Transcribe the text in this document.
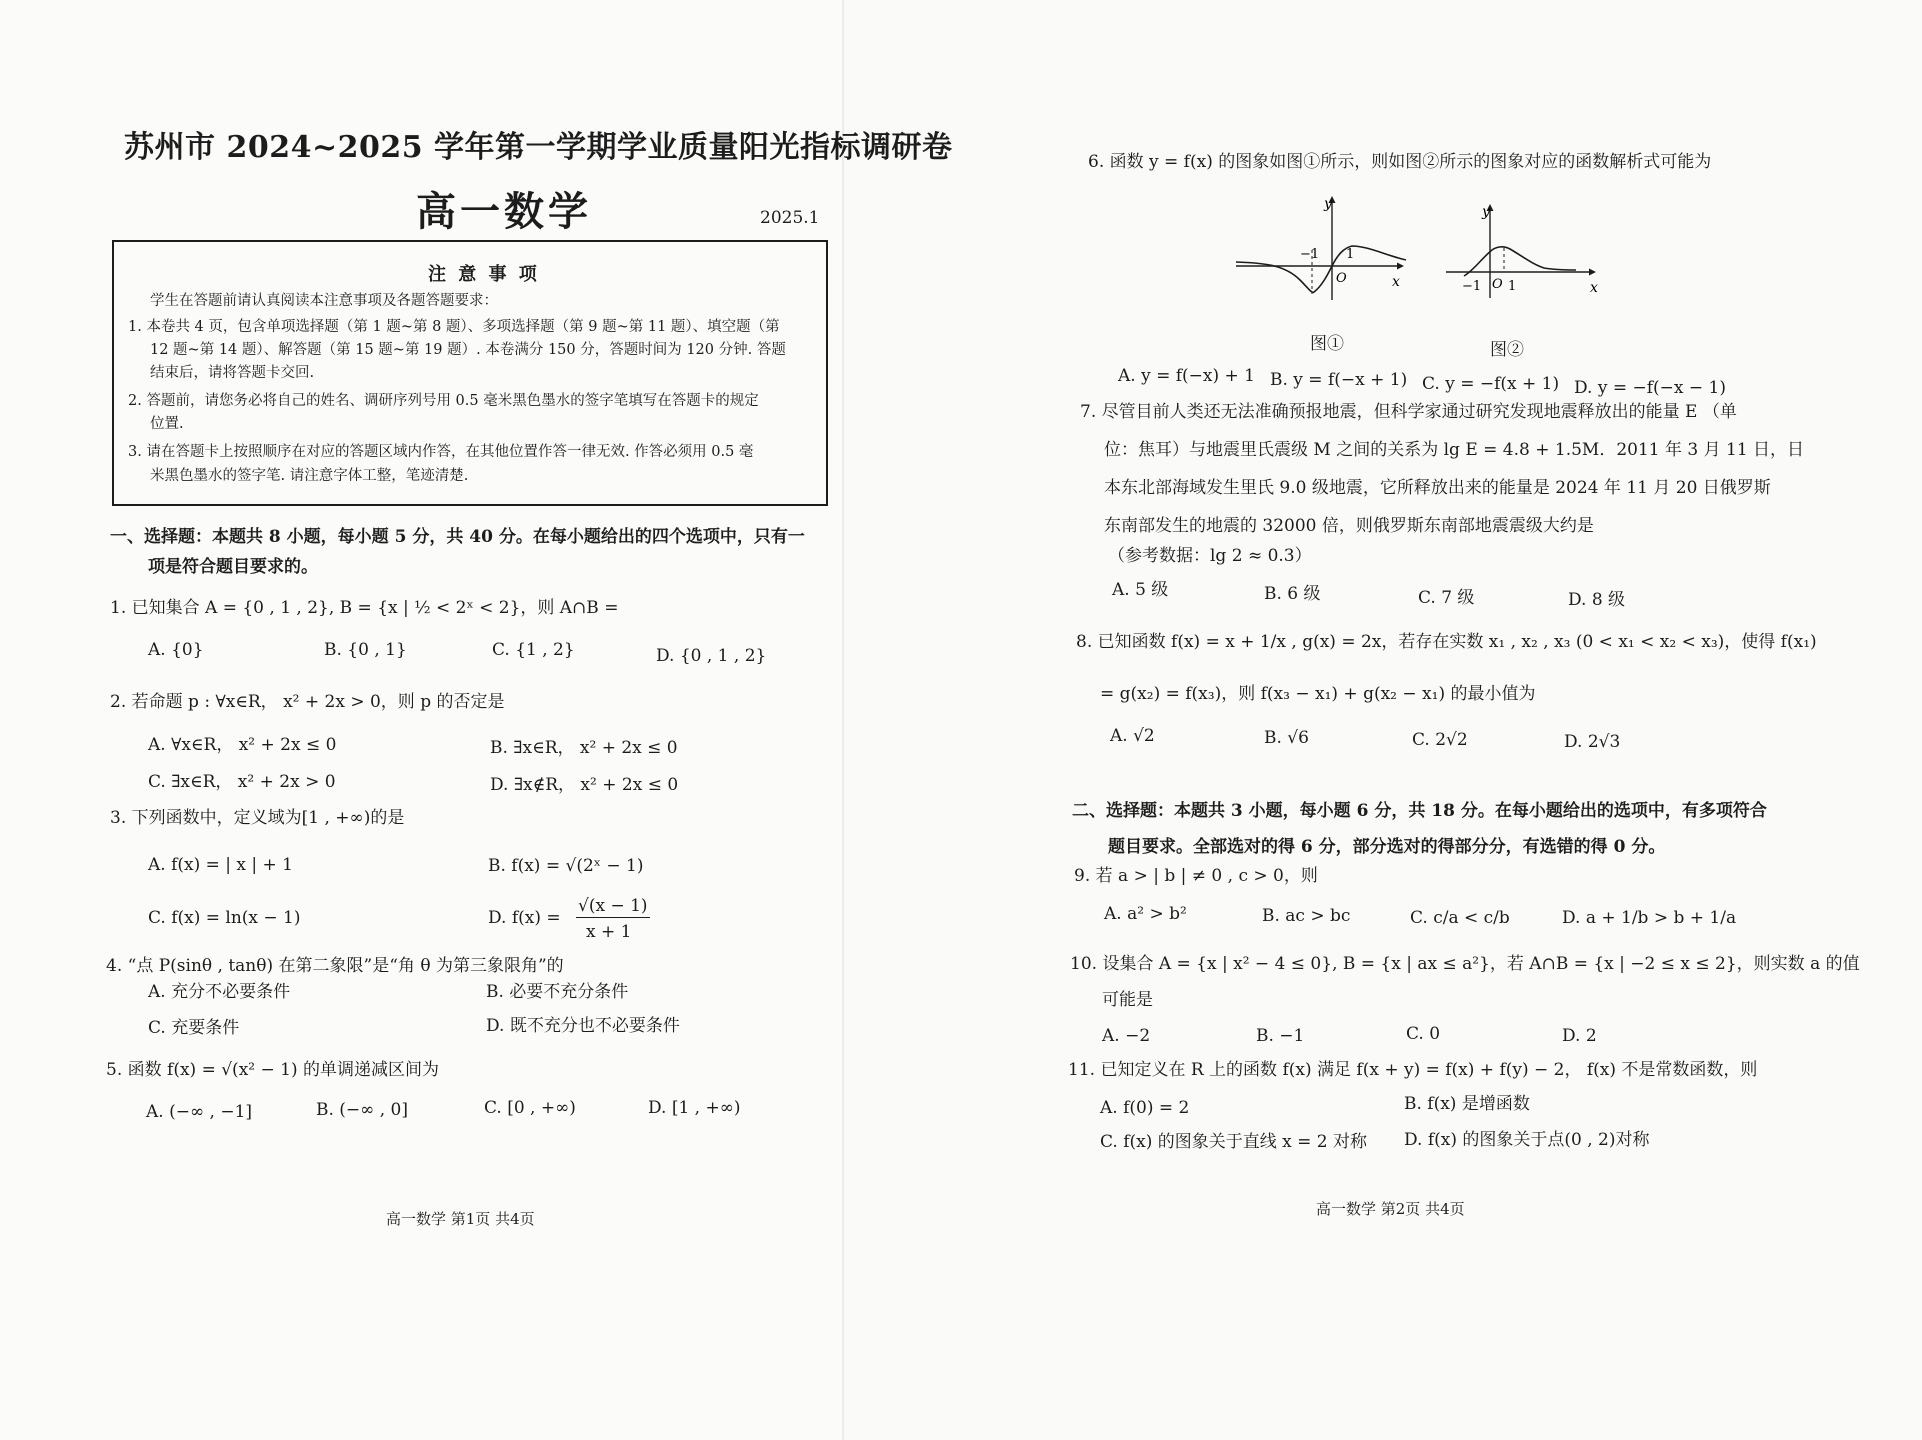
苏州市 2024~2025 学年第一学期学业质量阳光指标调研卷
高一数学	2025.1
注 意 事 项
学生在答题前请认真阅读本注意事项及各题答题要求：
1. 本卷共 4 页，包含单项选择题（第 1 题~第 8 题）、多项选择题（第 9 题~第 11 题）、填空题（第
12 题~第 14 题）、解答题（第 15 题~第 19 题）. 本卷满分 150 分，答题时间为 120 分钟. 答题
结束后，请将答题卡交回.
2. 答题前，请您务必将自己的姓名、调研序列号用 0.5 毫米黑色墨水的签字笔填写在答题卡的规定
位置.
3. 请在答题卡上按照顺序在对应的答题区域内作答，在其他位置作答一律无效. 作答必须用 0.5 毫
米黑色墨水的签字笔. 请注意字体工整，笔迹清楚.
一、选择题：本题共 8 小题，每小题 5 分，共 40 分。在每小题给出的四个选项中，只有一
项是符合题目要求的。
1. 已知集合 A = {0 , 1 , 2}, B = {x | ½ < 2ˣ < 2}，则 A∩B =
A. {0}	B. {0 , 1}	C. {1 , 2}	D. {0 , 1 , 2}
2. 若命题 p : ∀x∈R， x² + 2x > 0，则 p 的否定是
A. ∀x∈R， x² + 2x ≤ 0	B. ∃x∈R， x² + 2x ≤ 0
C. ∃x∈R， x² + 2x > 0	D. ∃x∉R， x² + 2x ≤ 0
3. 下列函数中，定义域为[1 , +∞)的是
A. f(x) = | x | + 1	B. f(x) = √(2ˣ − 1)
C. f(x) = ln(x − 1)	D. f(x) =
√(x − 1)
x + 1
4. “点 P(sinθ , tanθ) 在第二象限”是“角 θ 为第三象限角”的
A. 充分不必要条件	B. 必要不充分条件
C. 充要条件	D. 既不充分也不必要条件
5. 函数 f(x) = √(x² − 1) 的单调递减区间为
A. (−∞ , −1]	B. (−∞ , 0]	C. [0 , +∞)	D. [1 , +∞)
高一数学 第1页 共4页
6. 函数 y = f(x) 的图象如图①所示，则如图②所示的图象对应的函数解析式可能为
y
x
O
−1 1
y
x
O
−1 1
图①	图②
A. y = f(−x) + 1 B. y = f(−x + 1) C. y = −f(x + 1) D. y = −f(−x − 1)
7. 尽管目前人类还无法准确预报地震，但科学家通过研究发现地震释放出的能量 E （单
位：焦耳）与地震里氏震级 M 之间的关系为 lg E = 4.8 + 1.5M．2011 年 3 月 11 日，日
本东北部海域发生里氏 9.0 级地震，它所释放出来的能量是 2024 年 11 月 20 日俄罗斯
东南部发生的地震的 32000 倍，则俄罗斯东南部地震震级大约是
（参考数据：lg 2 ≈ 0.3）
A. 5 级	B. 6 级	C. 7 级	D. 8 级
8. 已知函数 f(x) = x + 1/x , g(x) = 2x，若存在实数 x₁ , x₂ , x₃ (0 < x₁ < x₂ < x₃)，使得 f(x₁)
= g(x₂) = f(x₃)，则 f(x₃ − x₁) + g(x₂ − x₁) 的最小值为
A. √2	B. √6	C. 2√2	D. 2√3
二、选择题：本题共 3 小题，每小题 6 分，共 18 分。在每小题给出的选项中，有多项符合
题目要求。全部选对的得 6 分，部分选对的得部分分，有选错的得 0 分。
9. 若 a > | b | ≠ 0 , c > 0，则
A. a² > b²	B. ac > bc	C. c/a < c/b	D. a + 1/b > b + 1/a
10. 设集合 A = {x | x² − 4 ≤ 0}, B = {x | ax ≤ a²}，若 A∩B = {x | −2 ≤ x ≤ 2}，则实数 a 的值
可能是
A. −2	B. −1	C. 0	D. 2
11. 已知定义在 R 上的函数 f(x) 满足 f(x + y) = f(x) + f(y) − 2， f(x) 不是常数函数，则
A. f(0) = 2	B. f(x) 是增函数
C. f(x) 的图象关于直线 x = 2 对称 D. f(x) 的图象关于点(0 , 2)对称
高一数学 第2页 共4页
